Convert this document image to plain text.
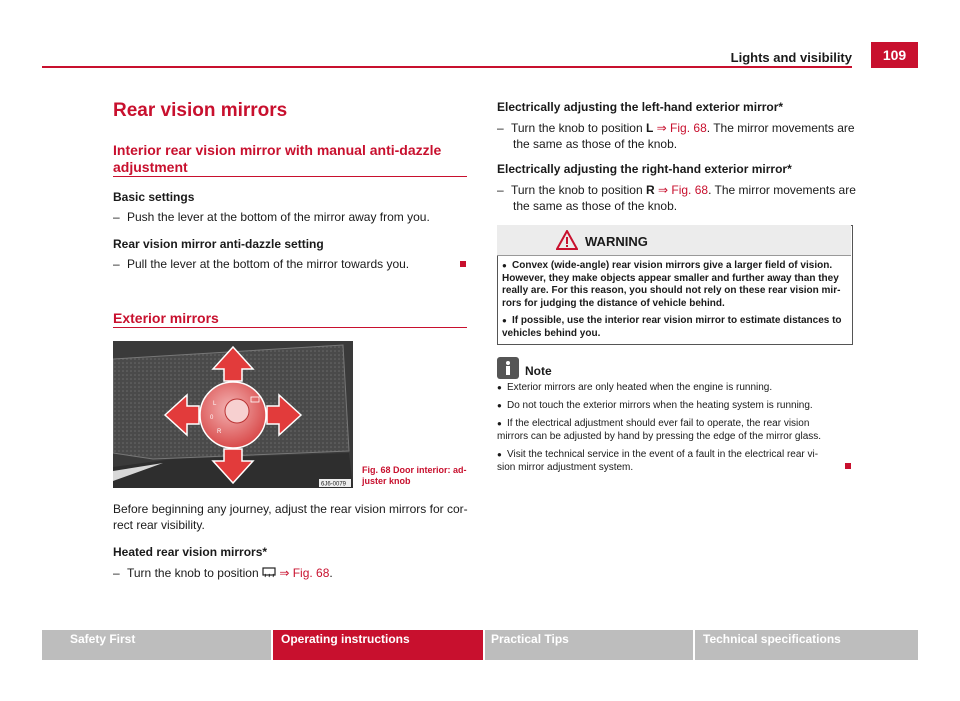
Lights and visibility	109
Rear vision mirrors
Interior rear vision mirror with manual anti-dazzle
adjustment
Basic settings
– Push the lever at the bottom of the mirror away from you.
Rear vision mirror anti-dazzle setting
– Pull the lever at the bottom of the mirror towards you.
Exterior mirrors
L
0
R
6J6-0079
Fig. 68 Door interior: ad-
juster knob
Before beginning any journey, adjust the rear vision mirrors for cor-
rect rear visibility.
Heated rear vision mirrors*
– Turn the knob to position ⇒ Fig. 68.
Electrically adjusting the left-hand exterior mirror*
– Turn the knob to position L ⇒ Fig. 68. The mirror movements are
the same as those of the knob.
Electrically adjusting the right-hand exterior mirror*
– Turn the knob to position R ⇒ Fig. 68. The mirror movements are
the same as those of the knob.
WARNING
● Convex (wide-angle) rear vision mirrors give a larger field of vision.
However, they make objects appear smaller and further away than they
really are. For this reason, you should not rely on these rear vision mir-
rors for judging the distance of vehicle behind.
● If possible, use the interior rear vision mirror to estimate distances to
vehicles behind you.
Note
● Exterior mirrors are only heated when the engine is running.
● Do not touch the exterior mirrors when the heating system is running.
● If the electrical adjustment should ever fail to operate, the rear vision
mirrors can be adjusted by hand by pressing the edge of the mirror glass.
● Visit the technical service in the event of a fault in the electrical rear vi-
sion mirror adjustment system.
Safety First	Operating instructions	Practical Tips	Technical specifications
